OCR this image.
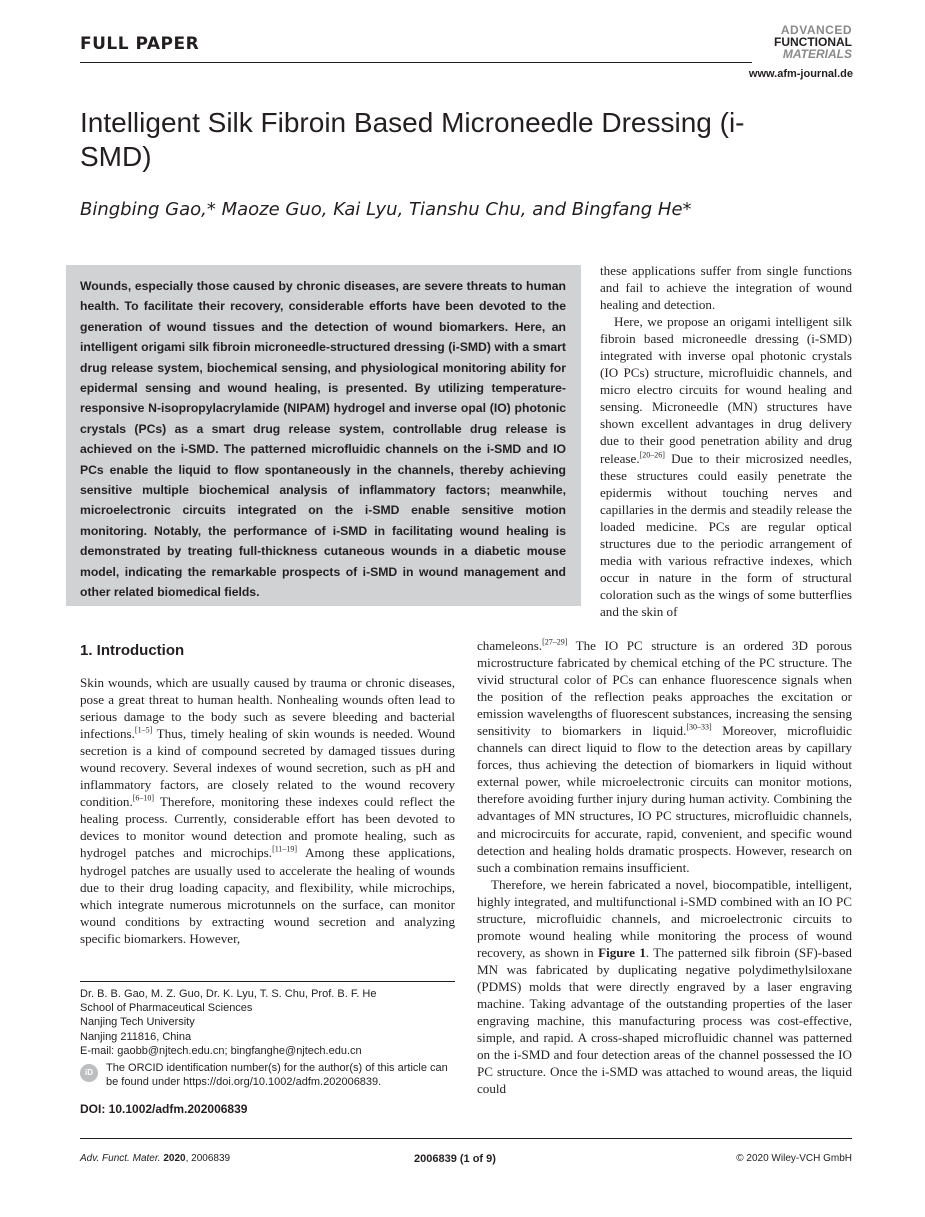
FULL PAPER
ADVANCED
FUNCTIONAL
MATERIALS
www.afm-journal.de
Intelligent Silk Fibroin Based Microneedle Dressing (i-SMD)
Bingbing Gao,* Maoze Guo, Kai Lyu, Tianshu Chu, and Bingfang He*
Wounds, especially those caused by chronic diseases, are severe threats to human health. To facilitate their recovery, considerable efforts have been devoted to the generation of wound tissues and the detection of wound biomarkers. Here, an intelligent origami silk fibroin microneedle-structured dressing (i-SMD) with a smart drug release system, biochemical sensing, and physiological monitoring ability for epidermal sensing and wound healing, is presented. By utilizing temperature-responsive N-isopropylacrylamide (NIPAM) hydrogel and inverse opal (IO) photonic crystals (PCs) as a smart drug release system, controllable drug release is achieved on the i-SMD. The patterned microfluidic channels on the i-SMD and IO PCs enable the liquid to flow spontaneously in the channels, thereby achieving sensitive multiple biochemical analysis of inflammatory factors; meanwhile, microelectronic circuits integrated on the i-SMD enable sensitive motion monitoring. Notably, the performance of i-SMD in facilitating wound healing is demonstrated by treating full-thickness cutaneous wounds in a diabetic mouse model, indicating the remarkable prospects of i-SMD in wound management and other related biomedical fields.

these applications suffer from single functions and fail to achieve the integration of wound healing and detection.

Here, we propose an origami intelligent silk fibroin based microneedle dressing (i-SMD) integrated with inverse opal photonic crystals (IO PCs) structure, microfluidic channels, and micro electro circuits for wound healing and sensing. Microneedle (MN) structures have shown excellent advantages in drug delivery due to their good penetration ability and drug release.[20–26] Due to their microsized needles, these structures could easily penetrate the epidermis without touching nerves and capillaries in the dermis and steadily release the loaded medicine. PCs are regular optical structures due to the periodic arrangement of media with various refractive indexes, which occur in nature in the form of structural coloration such as the wings of some butterflies and the skin of

1. Introduction

Skin wounds, which are usually caused by trauma or chronic diseases, pose a great threat to human health. Nonhealing wounds often lead to serious damage to the body such as severe bleeding and bacterial infections.[1–5] Thus, timely healing of skin wounds is needed. Wound secretion is a kind of compound secreted by damaged tissues during wound recovery. Several indexes of wound secretion, such as pH and inflammatory factors, are closely related to the wound recovery condition.[6–10] Therefore, monitoring these indexes could reflect the healing process. Currently, considerable effort has been devoted to devices to monitor wound detection and promote healing, such as hydrogel patches and microchips.[11–19] Among these applications, hydrogel patches are usually used to accelerate the healing of wounds due to their drug loading capacity, and flexibility, while microchips, which integrate numerous microtunnels on the surface, can monitor wound conditions by extracting wound secretion and analyzing specific biomarkers. However,

chameleons.[27–29] The IO PC structure is an ordered 3D porous microstructure fabricated by chemical etching of the PC structure. The vivid structural color of PCs can enhance fluorescence signals when the position of the reflection peaks approaches the excitation or emission wavelengths of fluorescent substances, increasing the sensing sensitivity to biomarkers in liquid.[30–33] Moreover, microfluidic channels can direct liquid to flow to the detection areas by capillary forces, thus achieving the detection of biomarkers in liquid without external power, while microelectronic circuits can monitor motions, therefore avoiding further injury during human activity. Combining the advantages of MN structures, IO PC structures, microfluidic channels, and microcircuits for accurate, rapid, convenient, and specific wound detection and healing holds dramatic prospects. However, research on such a combination remains insufficient.

Therefore, we herein fabricated a novel, biocompatible, intelligent, highly integrated, and multifunctional i-SMD combined with an IO PC structure, microfluidic channels, and microelectronic circuits to promote wound healing while monitoring the process of wound recovery, as shown in Figure 1. The patterned silk fibroin (SF)-based MN was fabricated by duplicating negative polydimethylsiloxane (PDMS) molds that were directly engraved by a laser engraving machine. Taking advantage of the outstanding properties of the laser engraving machine, this manufacturing process was cost-effective, simple, and rapid. A cross-shaped microfluidic channel was patterned on the i-SMD and four detection areas of the channel possessed the IO PC structure. Once the i-SMD was attached to wound areas, the liquid could

Dr. B. B. Gao, M. Z. Guo, Dr. K. Lyu, T. S. Chu, Prof. B. F. He
School of Pharmaceutical Sciences
Nanjing Tech University
Nanjing 211816, China
E-mail: gaobb@njtech.edu.cn; bingfanghe@njtech.edu.cn
iD	The ORCID identification number(s) for the author(s) of this article can be found under https://doi.org/10.1002/adfm.202006839.
DOI: 10.1002/adfm.202006839
Adv. Funct. Mater. 2020, 2006839	2006839 (1 of 9)	© 2020 Wiley-VCH GmbH
